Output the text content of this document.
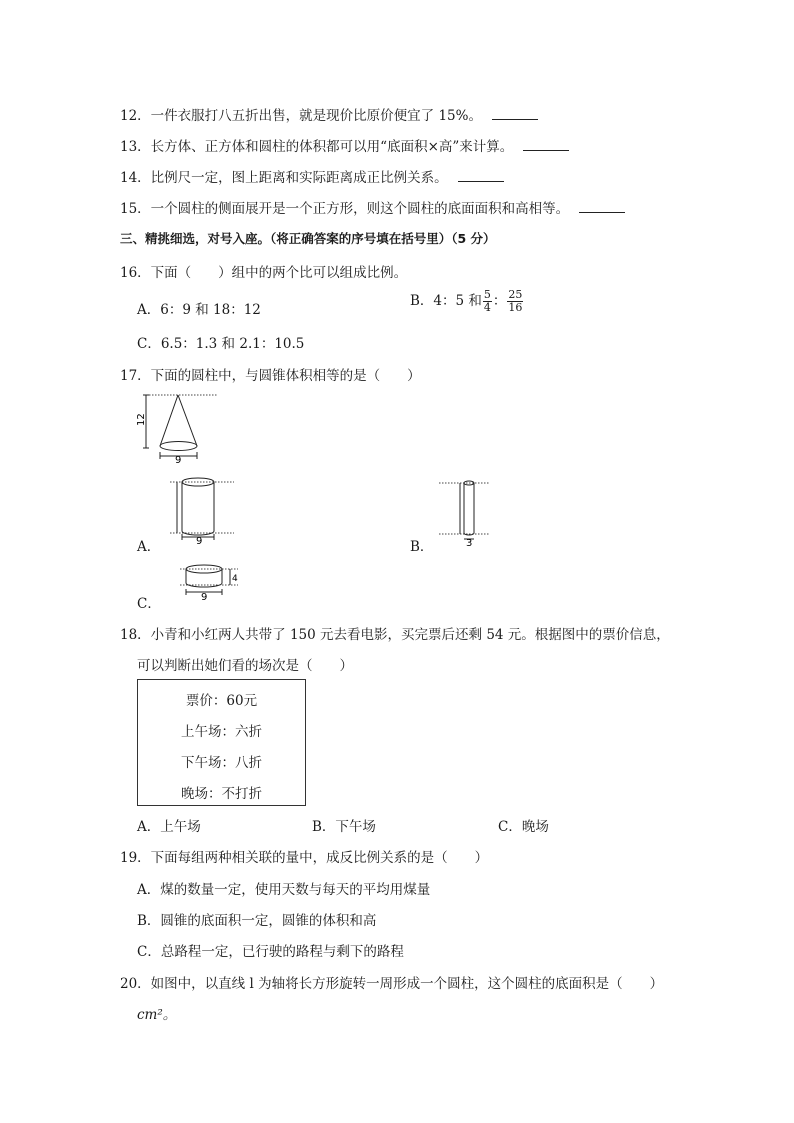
12．一件衣服打八五折出售，就是现价比原价便宜了 15%。
13．长方体、正方体和圆柱的体积都可以用“底面积×高”来计算。
14．比例尺一定，图上距离和实际距离成正比例关系。
15．一个圆柱的侧面展开是一个正方形，则这个圆柱的底面面积和高相等。
三、精挑细选，对号入座。（将正确答案的序号填在括号里）（5 分）
16．下面（　　）组中的两个比可以组成比例。
A．6：9 和 18：12
B．4：5 和 $\frac{5}{4}$ ： $\frac{25}{16}$
C．6.5：1.3 和 2.1：10.5
17．下面的圆柱中，与圆锥体积相等的是（　　）
12
9
9
A．	3
B．
4
9
C．
18．小青和小红两人共带了 150 元去看电影，买完票后还剩 54 元。根据图中的票价信息，
可以判断出她们看的场次是（　　）
票价：60元
上午场：六折
下午场：八折
晚场：不打折
A．上午场	B．下午场	C．晚场
19．下面每组两种相关联的量中，成反比例关系的是（　　）
A．煤的数量一定，使用天数与每天的平均用煤量
B．圆锥的底面积一定，圆锥的体积和高
C．总路程一定，已行驶的路程与剩下的路程
20．如图中，以直线 l 为轴将长方形旋转一周形成一个圆柱，这个圆柱的底面积是（　　）
cm²。
